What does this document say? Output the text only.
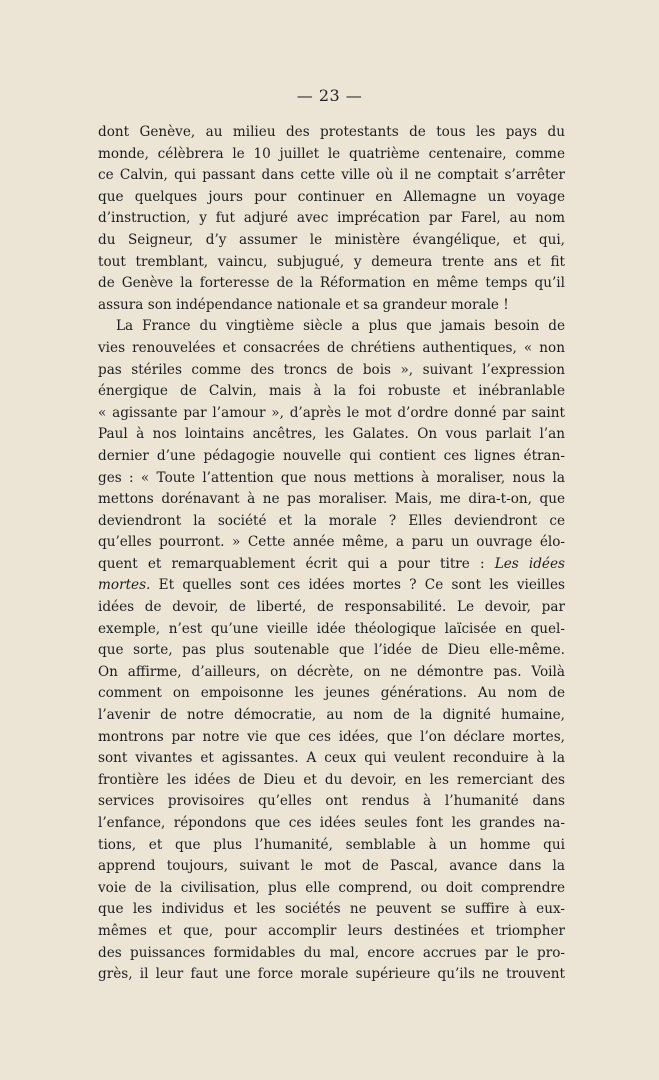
— 23 —
dont Genève, au milieu des protestants de tous les pays du
monde, célèbrera le 10 juillet le quatrième centenaire, comme
ce Calvin, qui passant dans cette ville où il ne comptait s’arrêter
que quelques jours pour continuer en Allemagne un voyage
d’instruction, y fut adjuré avec imprécation par Farel, au nom
du Seigneur, d’y assumer le ministère évangélique, et qui,
tout tremblant, vaincu, subjugué, y demeura trente ans et fit
de Genève la forteresse de la Réformation en même temps qu’il
assura son indépendance nationale et sa grandeur morale !
La France du vingtième siècle a plus que jamais besoin de
vies renouvelées et consacrées de chrétiens authentiques, « non
pas stériles comme des troncs de bois », suivant l’expression
énergique de Calvin, mais à la foi robuste et inébranlable
« agissante par l’amour », d’après le mot d’ordre donné par saint
Paul à nos lointains ancêtres, les Galates. On vous parlait l’an
dernier d’une pédagogie nouvelle qui contient ces lignes étran-
ges : « Toute l’attention que nous mettions à moraliser, nous la
mettons dorénavant à ne pas moraliser. Mais, me dira-t-on, que
deviendront la société et la morale ? Elles deviendront ce
qu’elles pourront. » Cette année même, a paru un ouvrage élo-
quent et remarquablement écrit qui a pour titre : Les idées
mortes. Et quelles sont ces idées mortes ? Ce sont les vieilles
idées de devoir, de liberté, de responsabilité. Le devoir, par
exemple, n’est qu’une vieille idée théologique laïcisée en quel-
que sorte, pas plus soutenable que l’idée de Dieu elle-même.
On affirme, d’ailleurs, on décrète, on ne démontre pas. Voilà
comment on empoisonne les jeunes générations. Au nom de
l’avenir de notre démocratie, au nom de la dignité humaine,
montrons par notre vie que ces idées, que l’on déclare mortes,
sont vivantes et agissantes. A ceux qui veulent reconduire à la
frontière les idées de Dieu et du devoir, en les remerciant des
services provisoires qu’elles ont rendus à l’humanité dans
l’enfance, répondons que ces idées seules font les grandes na-
tions, et que plus l’humanité, semblable à un homme qui
apprend toujours, suivant le mot de Pascal, avance dans la
voie de la civilisation, plus elle comprend, ou doit comprendre
que les individus et les sociétés ne peuvent se suffire à eux-
mêmes et que, pour accomplir leurs destinées et triompher
des puissances formidables du mal, encore accrues par le pro-
grès, il leur faut une force morale supérieure qu’ils ne trouvent
